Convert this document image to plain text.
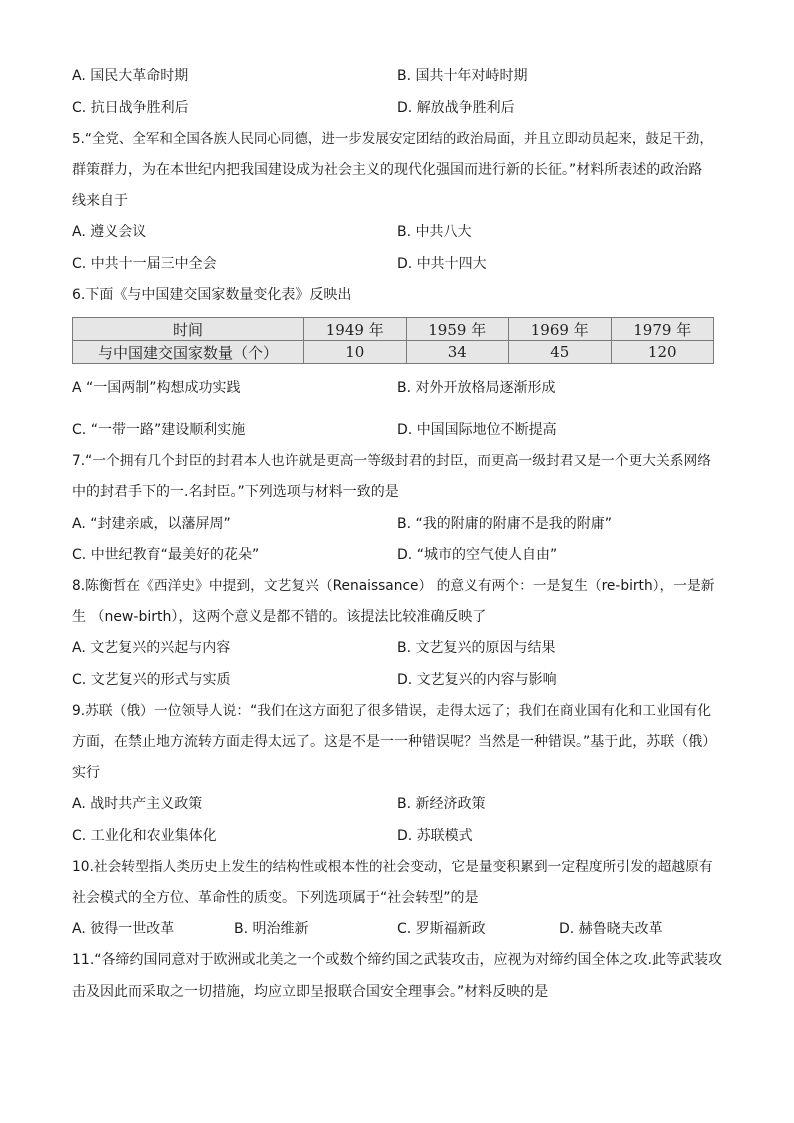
A. 国民大革命时期	B. 国共十年对峙时期
C. 抗日战争胜利后	D. 解放战争胜利后
5.“全党、全军和全国各族人民同心同德，进一步发展安定团结的政治局面，并且立即动员起来，鼓足干劲，
群策群力，为在本世纪内把我国建设成为社会主义的现代化强国而进行新的长征。”材料所表述的政治路
线来自于
A. 遵义会议	B. 中共八大
C. 中共十一届三中全会	D. 中共十四大
6.下面《与中国建交国家数量变化表》反映出
时间	1949 年	1959 年	1969 年	1979 年
与中国建交国家数量（个）	10	34	45	120
A “一国两制”构想成功实践	B. 对外开放格局逐渐形成
C. “一带一路”建设顺利实施	D. 中国国际地位不断提高
7.“一个拥有几个封臣的封君本人也许就是更高一等级封君的封臣，而更高一级封君又是一个更大关系网络
中的封君手下的一.名封臣。”下列选项与材料一致的是
A. “封建亲戚，以藩屏周”	B. “我的附庸的附庸不是我的附庸”
C. 中世纪教育“最美好的花朵”	D. “城市的空气使人自由”
8.陈衡哲在《西洋史》中提到，文艺复兴（Renaissance） 的意义有两个：一是复生（re-birth），一是新
生 （new-birth），这两个意义是都不错的。该提法比较准确反映了
A. 文艺复兴的兴起与内容	B. 文艺复兴的原因与结果
C. 文艺复兴的形式与实质	D. 文艺复兴的内容与影响
9.苏联（俄）一位领导人说：“我们在这方面犯了很多错误，走得太远了；我们在商业国有化和工业国有化
方面，在禁止地方流转方面走得太远了。这是不是一一种错误呢？当然是一种错误。”基于此，苏联（俄）
实行
A. 战时共产主义政策	B. 新经济政策
C. 工业化和农业集体化	D. 苏联模式
10.社会转型指人类历史上发生的结构性或根本性的社会变动，它是量变积累到一定程度所引发的超越原有
社会模式的全方位、革命性的质变。下列选项属于“社会转型”的是
A. 彼得一世改革	B. 明治维新	C. 罗斯福新政	D. 赫鲁晓夫改革
11.“各缔约国同意对于欧洲或北美之一个或数个缔约国之武装攻击，应视为对缔约国全体之攻.此等武装攻
击及因此而采取之一切措施，均应立即呈报联合国安全理事会。”材料反映的是
